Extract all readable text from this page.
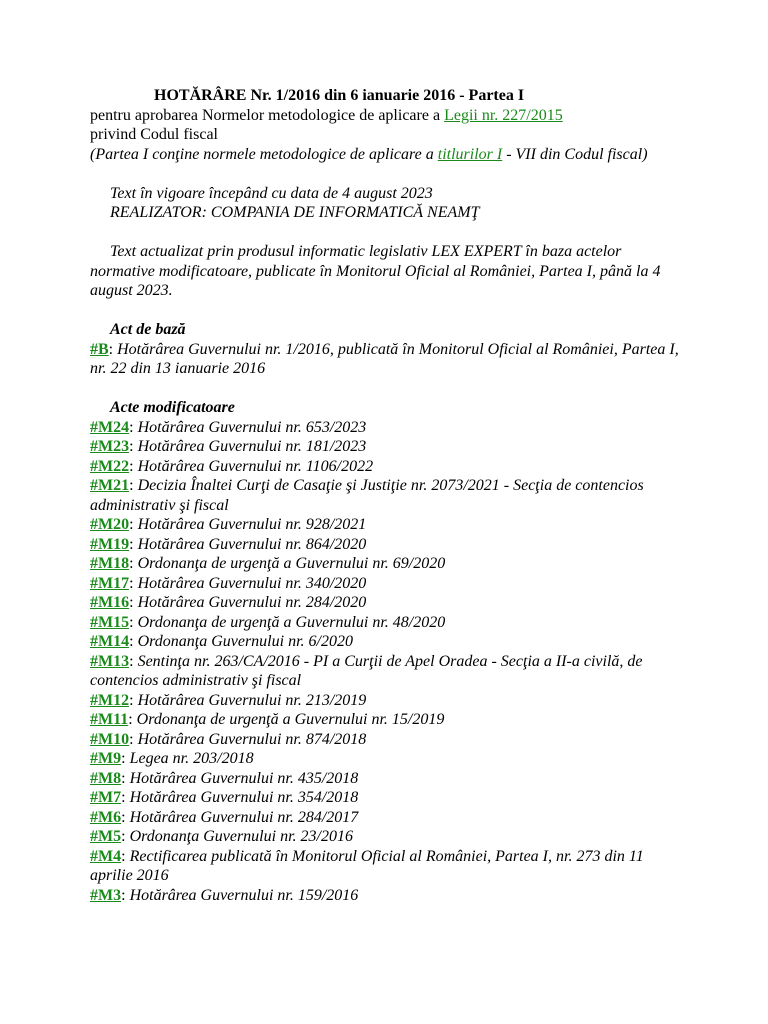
HOTĂRÂRE Nr. 1/2016 din 6 ianuarie 2016 - Partea I
pentru aprobarea Normelor metodologice de aplicare a Legii nr. 227/2015
privind Codul fiscal
(Partea I conţine normele metodologice de aplicare a titlurilor I - VII din Codul fiscal)
Text în vigoare începând cu data de 4 august 2023
REALIZATOR: COMPANIA DE INFORMATICĂ NEAMŢ
Text actualizat prin produsul informatic legislativ LEX EXPERT în baza actelor normative modificatoare, publicate în Monitorul Oficial al României, Partea I, până la 4 august 2023.
Act de bază
#B: Hotărârea Guvernului nr. 1/2016, publicată în Monitorul Oficial al României, Partea I, nr. 22 din 13 ianuarie 2016
Acte modificatoare
#M24: Hotărârea Guvernului nr. 653/2023
#M23: Hotărârea Guvernului nr. 181/2023
#M22: Hotărârea Guvernului nr. 1106/2022
#M21: Decizia Înaltei Curţi de Casaţie şi Justiţie nr. 2073/2021 - Secţia de contencios administrativ şi fiscal
#M20: Hotărârea Guvernului nr. 928/2021
#M19: Hotărârea Guvernului nr. 864/2020
#M18: Ordonanţa de urgenţă a Guvernului nr. 69/2020
#M17: Hotărârea Guvernului nr. 340/2020
#M16: Hotărârea Guvernului nr. 284/2020
#M15: Ordonanţa de urgenţă a Guvernului nr. 48/2020
#M14: Ordonanţa Guvernului nr. 6/2020
#M13: Sentinţa nr. 263/CA/2016 - PI a Curţii de Apel Oradea - Secţia a II-a civilă, de contencios administrativ şi fiscal
#M12: Hotărârea Guvernului nr. 213/2019
#M11: Ordonanţa de urgenţă a Guvernului nr. 15/2019
#M10: Hotărârea Guvernului nr. 874/2018
#M9: Legea nr. 203/2018
#M8: Hotărârea Guvernului nr. 435/2018
#M7: Hotărârea Guvernului nr. 354/2018
#M6: Hotărârea Guvernului nr. 284/2017
#M5: Ordonanţa Guvernului nr. 23/2016
#M4: Rectificarea publicată în Monitorul Oficial al României, Partea I, nr. 273 din 11 aprilie 2016
#M3: Hotărârea Guvernului nr. 159/2016
